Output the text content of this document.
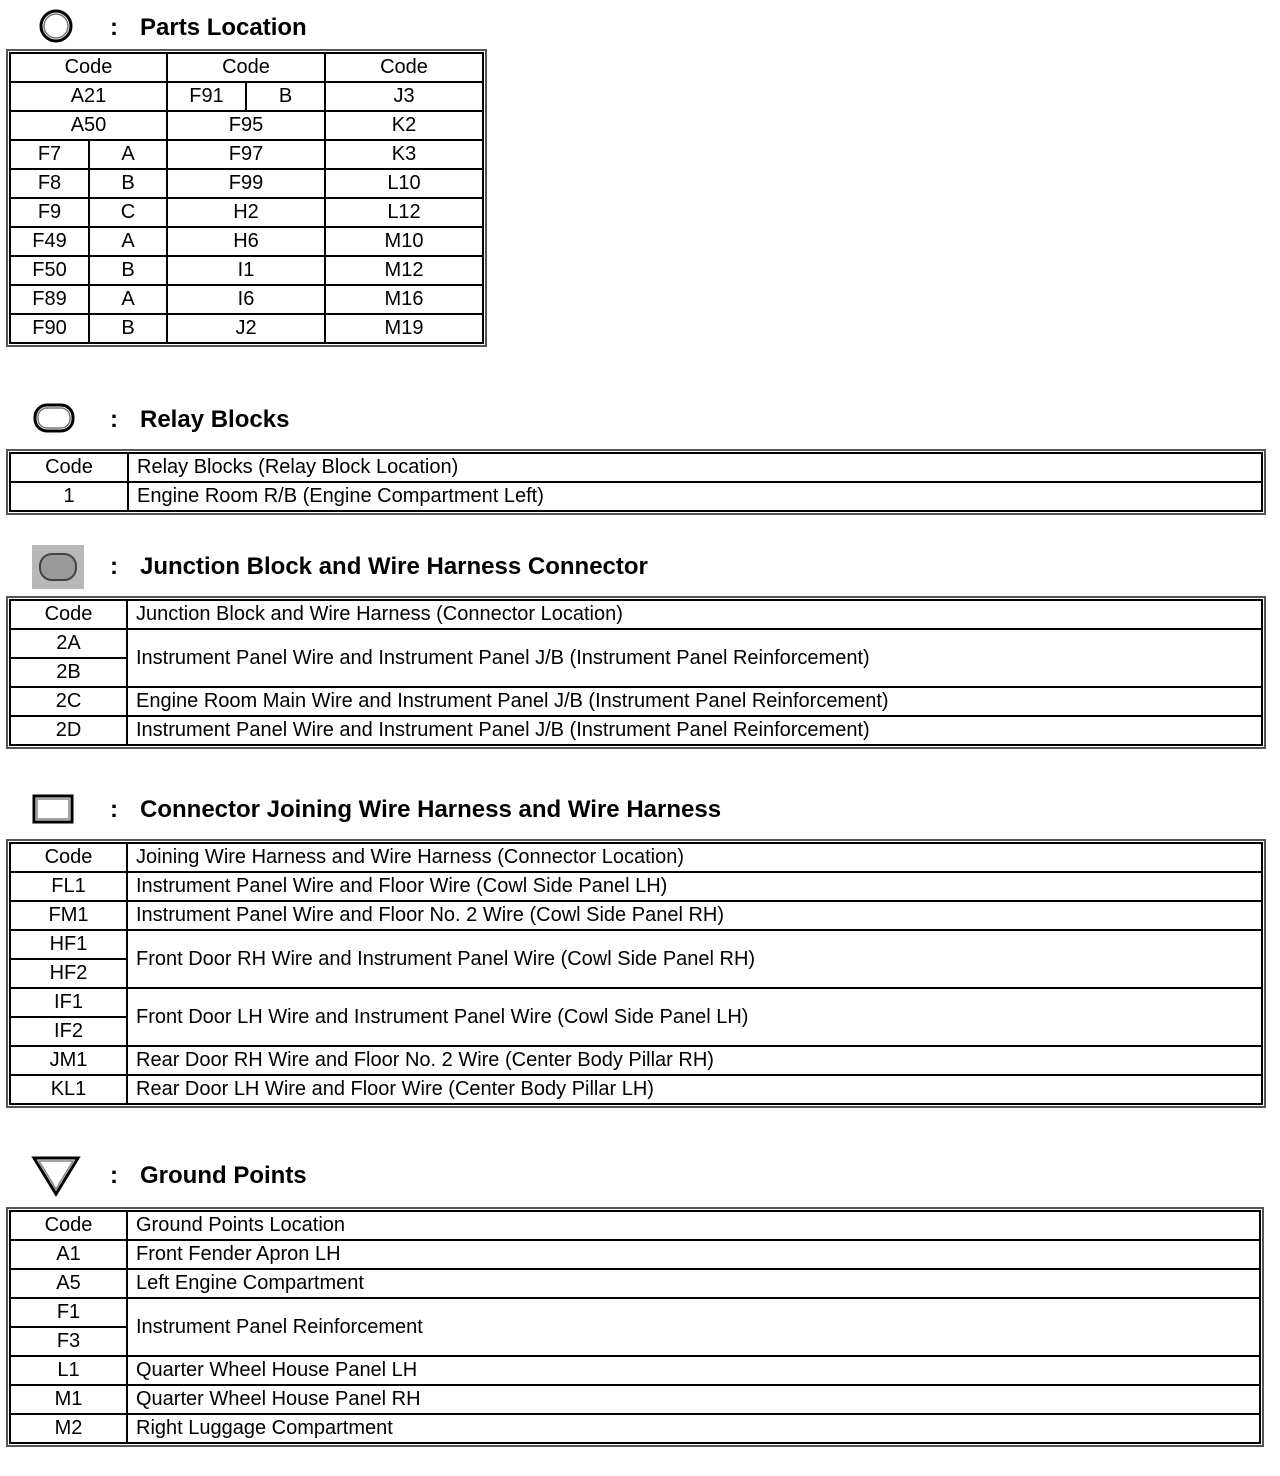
: Parts Location
Code		Code		Code
A21		F91	B	J3
A50		F95		K2
F7	A	F97		K3
F8	B	F99		L10
F9	C	H2		L12
F49	A	H6		M10
F50	B	I1		M12
F89	A	I6		M16
F90	B	J2		M19
: Relay Blocks
Code	Relay Blocks (Relay Block Location)
1	Engine Room R/B (Engine Compartment Left)
: Junction Block and Wire Harness Connector
Code	Junction Block and Wire Harness (Connector Location)
2A	Instrument Panel Wire and Instrument Panel J/B (Instrument Panel Reinforcement)
2B	
2C	Engine Room Main Wire and Instrument Panel J/B (Instrument Panel Reinforcement)
2D	Instrument Panel Wire and Instrument Panel J/B (Instrument Panel Reinforcement)
: Connector Joining Wire Harness and Wire Harness
Code	Joining Wire Harness and Wire Harness (Connector Location)
FL1	Instrument Panel Wire and Floor Wire (Cowl Side Panel LH)
FM1	Instrument Panel Wire and Floor No. 2 Wire (Cowl Side Panel RH)
HF1	Front Door RH Wire and Instrument Panel Wire (Cowl Side Panel RH)
HF2	
IF1	Front Door LH Wire and Instrument Panel Wire (Cowl Side Panel LH)
IF2	
JM1	Rear Door RH Wire and Floor No. 2 Wire (Center Body Pillar RH)
KL1	Rear Door LH Wire and Floor Wire (Center Body Pillar LH)
: Ground Points
Code	Ground Points Location
A1	Front Fender Apron LH
A5	Left Engine Compartment
F1	Instrument Panel Reinforcement
F3	
L1	Quarter Wheel House Panel LH
M1	Quarter Wheel House Panel RH
M2	Right Luggage Compartment
